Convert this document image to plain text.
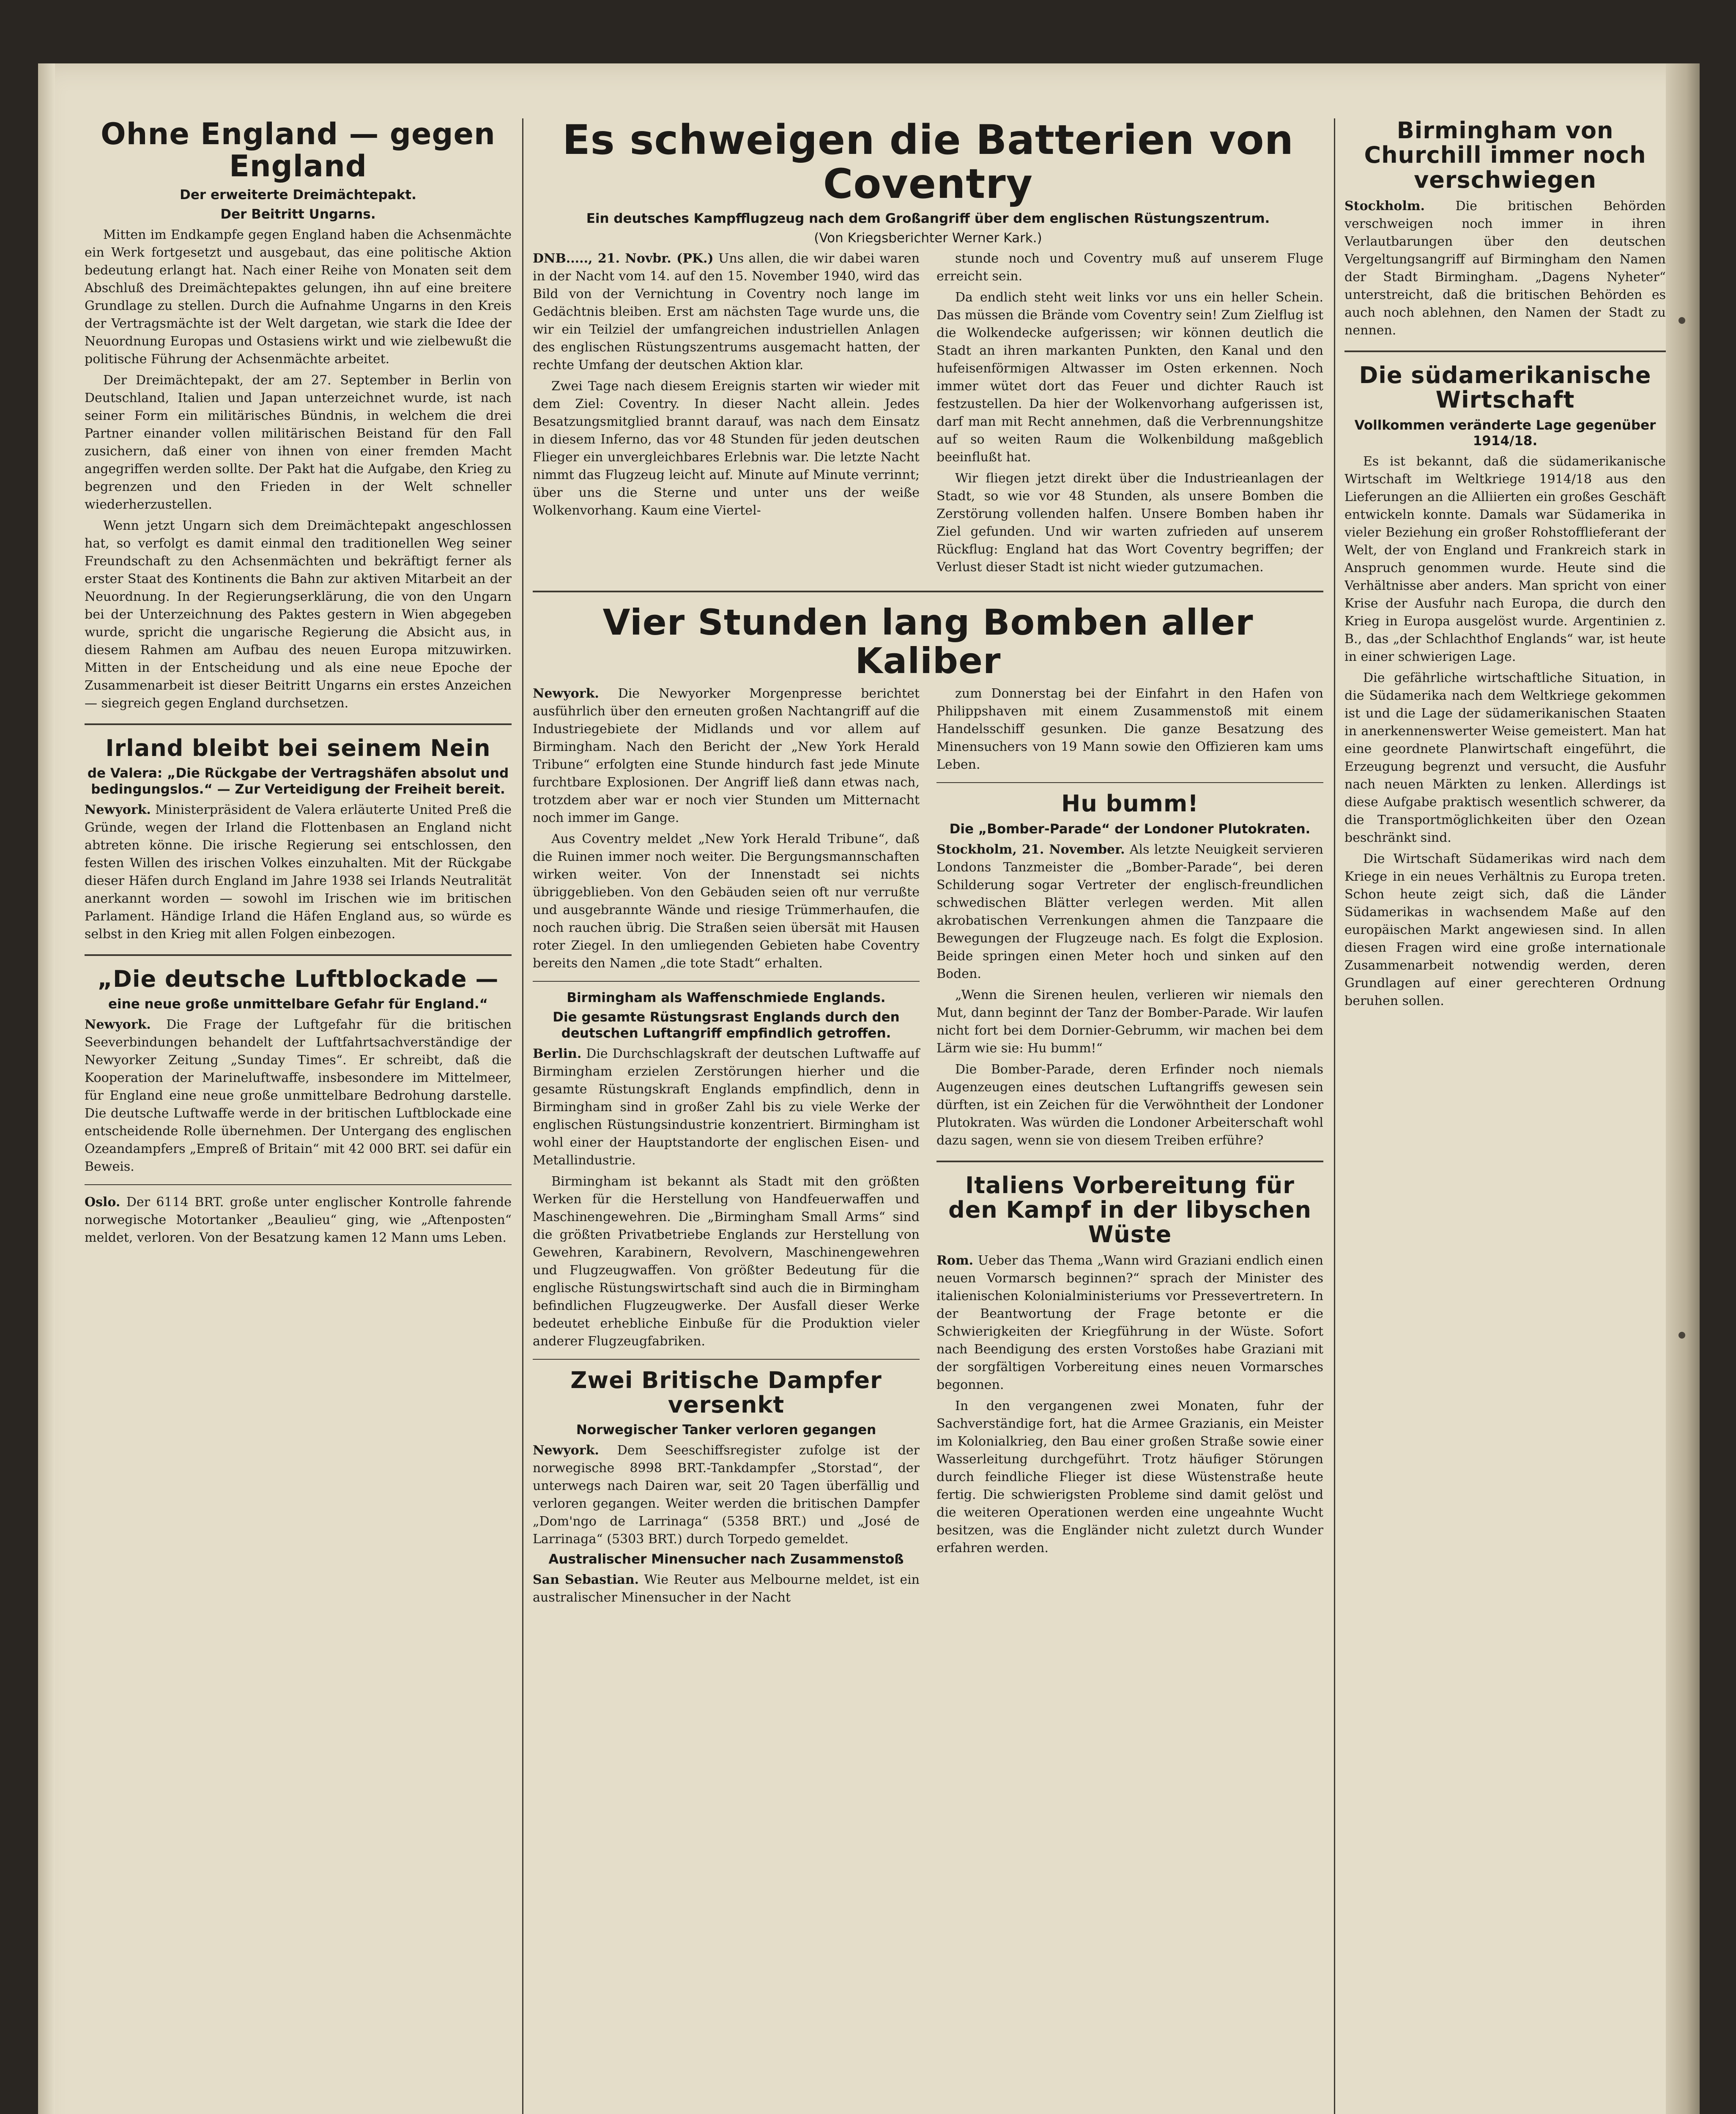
Ohne England — gegen England
Der erweiterte Dreimächtepakt.
Der Beitritt Ungarns.

Mitten im Endkampfe gegen England haben die Achsenmächte ein Werk fortgesetzt und ausgebaut, das eine politische Aktion bedeutung erlangt hat. Nach einer Reihe von Monaten seit dem Abschluß des Dreimächtepaktes gelungen, ihn auf eine breitere Grundlage zu stellen. Durch die Aufnahme Ungarns in den Kreis der Vertragsmächte ist der Welt dargetan, wie stark die Idee der Neuordnung Europas und Ostasiens wirkt und wie zielbewußt die politische Führung der Achsenmächte arbeitet.

Der Dreimächtepakt, der am 27. September in Berlin von Deutschland, Italien und Japan unterzeichnet wurde, ist nach seiner Form ein militärisches Bündnis, in welchem die drei Partner einander vollen militärischen Beistand für den Fall zusichern, daß einer von ihnen von einer fremden Macht angegriffen werden sollte. Der Pakt hat die Aufgabe, den Krieg zu begrenzen und den Frieden in der Welt schneller wiederherzustellen.

Wenn jetzt Ungarn sich dem Dreimächtepakt angeschlossen hat, so verfolgt es damit einmal den traditionellen Weg seiner Freundschaft zu den Achsenmächten und bekräftigt ferner als erster Staat des Kontinents die Bahn zur aktiven Mitarbeit an der Neuordnung. In der Regierungserklärung, die von den Ungarn bei der Unterzeichnung des Paktes gestern in Wien abgegeben wurde, spricht die ungarische Regierung die Absicht aus, in diesem Rahmen am Aufbau des neuen Europa mitzuwirken. Mitten in der Entscheidung und als eine neue Epoche der Zusammenarbeit ist dieser Beitritt Ungarns ein erstes Anzeichen — siegreich gegen England durchsetzen.

Irland bleibt bei seinem Nein
de Valera: „Die Rückgabe der Vertragshäfen absolut und bedingungslos.“ — Zur Verteidigung der Freiheit bereit.

Newyork. Ministerpräsident de Valera erläuterte United Preß die Gründe, wegen der Irland die Flottenbasen an England nicht abtreten könne. Die irische Regierung sei entschlossen, den festen Willen des irischen Volkes einzuhalten. Mit der Rückgabe dieser Häfen durch England im Jahre 1938 sei Irlands Neutralität anerkannt worden — sowohl im Irischen wie im britischen Parlament. Händige Irland die Häfen England aus, so würde es selbst in den Krieg mit allen Folgen einbezogen.

„Die deutsche Luftblockade —
eine neue große unmittelbare Gefahr für England.“

Newyork. Die Frage der Luftgefahr für die britischen Seeverbindungen behandelt der Luftfahrtsachverständige der Newyorker Zeitung „Sunday Times“. Er schreibt, daß die Kooperation der Marineluftwaffe, insbesondere im Mittelmeer, für England eine neue große unmittelbare Bedrohung darstelle. Die deutsche Luftwaffe werde in der britischen Luftblockade eine entscheidende Rolle übernehmen. Der Untergang des englischen Ozeandampfers „Empreß of Britain“ mit 42 000 BRT. sei dafür ein Beweis.

Oslo. Der 6114 BRT. große unter englischer Kontrolle fahrende norwegische Motortanker „Beaulieu“ ging, wie „Aftenposten“ meldet, verloren. Von der Besatzung kamen 12 Mann ums Leben.

Es schweigen die Batterien von Coventry
Ein deutsches Kampfflugzeug nach dem Großangriff über dem englischen Rüstungszentrum.
(Von Kriegsberichter Werner Kark.)

DNB....., 21. Novbr. (PK.) Uns allen, die wir dabei waren in der Nacht vom 14. auf den 15. November 1940, wird das Bild von der Vernichtung in Coventry noch lange im Gedächtnis bleiben. Erst am nächsten Tage wurde uns, die wir ein Teilziel der umfangreichen industriellen Anlagen des englischen Rüstungszentrums ausgemacht hatten, der rechte Umfang der deutschen Aktion klar.

Zwei Tage nach diesem Ereignis starten wir wieder mit dem Ziel: Coventry. In dieser Nacht allein. Jedes Besatzungsmitglied brannt darauf, was nach dem Einsatz in diesem Inferno, das vor 48 Stunden für jeden deutschen Flieger ein unvergleichbares Erlebnis war. Die letzte Nacht nimmt das Flugzeug leicht auf. Minute auf Minute verrinnt; über uns die Sterne und unter uns der weiße Wolkenvorhang. Kaum eine Viertel-

stunde noch und Coventry muß auf unserem Fluge erreicht sein.

Da endlich steht weit links vor uns ein heller Schein. Das müssen die Brände vom Coventry sein! Zum Zielflug ist die Wolkendecke aufgerissen; wir können deutlich die Stadt an ihren markanten Punkten, den Kanal und den hufeisenförmigen Altwasser im Osten erkennen. Noch immer wütet dort das Feuer und dichter Rauch ist festzustellen. Da hier der Wolkenvorhang aufgerissen ist, darf man mit Recht annehmen, daß die Verbrennungshitze auf so weiten Raum die Wolkenbildung maßgeblich beeinflußt hat.

Wir fliegen jetzt direkt über die Industrieanlagen der Stadt, so wie vor 48 Stunden, als unsere Bomben die Zerstörung vollenden halfen. Unsere Bomben haben ihr Ziel gefunden. Und wir warten zufrieden auf unserem Rückflug: England hat das Wort Coventry begriffen; der Verlust dieser Stadt ist nicht wieder gutzumachen.

Vier Stunden lang Bomben aller Kaliber

Newyork. Die Newyorker Morgenpresse berichtet ausführlich über den erneuten großen Nachtangriff auf die Industriegebiete der Midlands und vor allem auf Birmingham. Nach den Bericht der „New York Herald Tribune“ erfolgten eine Stunde hindurch fast jede Minute furchtbare Explosionen. Der Angriff ließ dann etwas nach, trotzdem aber war er noch vier Stunden um Mitternacht noch immer im Gange.

Aus Coventry meldet „New York Herald Tribune“, daß die Ruinen immer noch weiter. Die Bergungsmannschaften wirken weiter. Von der Innenstadt sei nichts übriggeblieben. Von den Gebäuden seien oft nur verrußte und ausgebrannte Wände und riesige Trümmerhaufen, die noch rauchen übrig. Die Straßen seien übersät mit Hausen roter Ziegel. In den umliegenden Gebieten habe Coventry bereits den Namen „die tote Stadt“ erhalten.

Birmingham als Waffenschmiede Englands.
Die gesamte Rüstungsrast Englands durch den deutschen Luftangriff empfindlich getroffen.

Berlin. Die Durchschlagskraft der deutschen Luftwaffe auf Birmingham erzielen Zerstörungen hierher und die gesamte Rüstungskraft Englands empfindlich, denn in Birmingham sind in großer Zahl bis zu viele Werke der englischen Rüstungsindustrie konzentriert. Birmingham ist wohl einer der Hauptstandorte der englischen Eisen- und Metallindustrie.

Birmingham ist bekannt als Stadt mit den größten Werken für die Herstellung von Handfeuerwaffen und Maschinengewehren. Die „Birmingham Small Arms“ sind die größten Privatbetriebe Englands zur Herstellung von Gewehren, Karabinern, Revolvern, Maschinengewehren und Flugzeugwaffen. Von größter Bedeutung für die englische Rüstungswirtschaft sind auch die in Birmingham befindlichen Flugzeugwerke. Der Ausfall dieser Werke bedeutet erhebliche Einbuße für die Produktion vieler anderer Flugzeugfabriken.

Zwei Britische Dampfer versenkt
Norwegischer Tanker verloren gegangen

Newyork. Dem Seeschiffsregister zufolge ist der norwegische 8998 BRT.-Tankdampfer „Storstad“, der unterwegs nach Dairen war, seit 20 Tagen überfällig und verloren gegangen. Weiter werden die britischen Dampfer „Dom'ngo de Larrinaga“ (5358 BRT.) und „José de Larrinaga“ (5303 BRT.) durch Torpedo gemeldet.

Australischer Minensucher nach Zusammenstoß

San Sebastian. Wie Reuter aus Melbourne meldet, ist ein australischer Minensucher in der Nacht

zum Donnerstag bei der Einfahrt in den Hafen von Philippshaven mit einem Zusammenstoß mit einem Handelsschiff gesunken. Die ganze Besatzung des Minensuchers von 19 Mann sowie den Offizieren kam ums Leben.

Hu bumm!
Die „Bomber-Parade“ der Londoner Plutokraten.

Stockholm, 21. November. Als letzte Neuigkeit servieren Londons Tanzmeister die „Bomber-Parade“, bei deren Schilderung sogar Vertreter der englisch-freundlichen schwedischen Blätter verlegen werden. Mit allen akrobatischen Verrenkungen ahmen die Tanzpaare die Bewegungen der Flugzeuge nach. Es folgt die Explosion. Beide springen einen Meter hoch und sinken auf den Boden.

„Wenn die Sirenen heulen, verlieren wir niemals den Mut, dann beginnt der Tanz der Bomber-Parade. Wir laufen nicht fort bei dem Dornier-Gebrumm, wir machen bei dem Lärm wie sie: Hu bumm!“

Die Bomber-Parade, deren Erfinder noch niemals Augenzeugen eines deutschen Luftangriffs gewesen sein dürften, ist ein Zeichen für die Verwöhntheit der Londoner Plutokraten. Was würden die Londoner Arbeiterschaft wohl dazu sagen, wenn sie von diesem Treiben erführe?

Italiens Vorbereitung für den Kampf in der libyschen Wüste

Rom. Ueber das Thema „Wann wird Graziani endlich einen neuen Vormarsch beginnen?“ sprach der Minister des italienischen Kolonialministeriums vor Pressevertretern. In der Beantwortung der Frage betonte er die Schwierigkeiten der Kriegführung in der Wüste. Sofort nach Beendigung des ersten Vorstoßes habe Graziani mit der sorgfältigen Vorbereitung eines neuen Vormarsches begonnen.

In den vergangenen zwei Monaten, fuhr der Sachverständige fort, hat die Armee Grazianis, ein Meister im Kolonialkrieg, den Bau einer großen Straße sowie einer Wasserleitung durchgeführt. Trotz häufiger Störungen durch feindliche Flieger ist diese Wüstenstraße heute fertig. Die schwierigsten Probleme sind damit gelöst und die weiteren Operationen werden eine ungeahnte Wucht besitzen, was die Engländer nicht zuletzt durch Wunder erfahren werden.

Birmingham von Churchill immer noch verschwiegen

Stockholm. Die britischen Behörden verschweigen noch immer in ihren Verlautbarungen über den deutschen Vergeltungsangriff auf Birmingham den Namen der Stadt Birmingham. „Dagens Nyheter“ unterstreicht, daß die britischen Behörden es auch noch ablehnen, den Namen der Stadt zu nennen.

Die südamerikanische Wirtschaft
Vollkommen veränderte Lage gegenüber 1914/18.

Es ist bekannt, daß die südamerikanische Wirtschaft im Weltkriege 1914/18 aus den Lieferungen an die Alliierten ein großes Geschäft entwickeln konnte. Damals war Südamerika in vieler Beziehung ein großer Rohstofflieferant der Welt, der von England und Frankreich stark in Anspruch genommen wurde. Heute sind die Verhältnisse aber anders. Man spricht von einer Krise der Ausfuhr nach Europa, die durch den Krieg in Europa ausgelöst wurde. Argentinien z. B., das „der Schlachthof Englands“ war, ist heute in einer schwierigen Lage.

Die gefährliche wirtschaftliche Situation, in die Südamerika nach dem Weltkriege gekommen ist und die Lage der südamerikanischen Staaten in anerkennenswerter Weise gemeistert. Man hat eine geordnete Planwirtschaft eingeführt, die Erzeugung begrenzt und versucht, die Ausfuhr nach neuen Märkten zu lenken. Allerdings ist diese Aufgabe praktisch wesentlich schwerer, da die Transportmöglichkeiten über den Ozean beschränkt sind.

Die Wirtschaft Südamerikas wird nach dem Kriege in ein neues Verhältnis zu Europa treten. Schon heute zeigt sich, daß die Länder Südamerikas in wachsendem Maße auf den europäischen Markt angewiesen sind. In allen diesen Fragen wird eine große internationale Zusammenarbeit notwendig werden, deren Grundlagen auf einer gerechteren Ordnung beruhen sollen.
